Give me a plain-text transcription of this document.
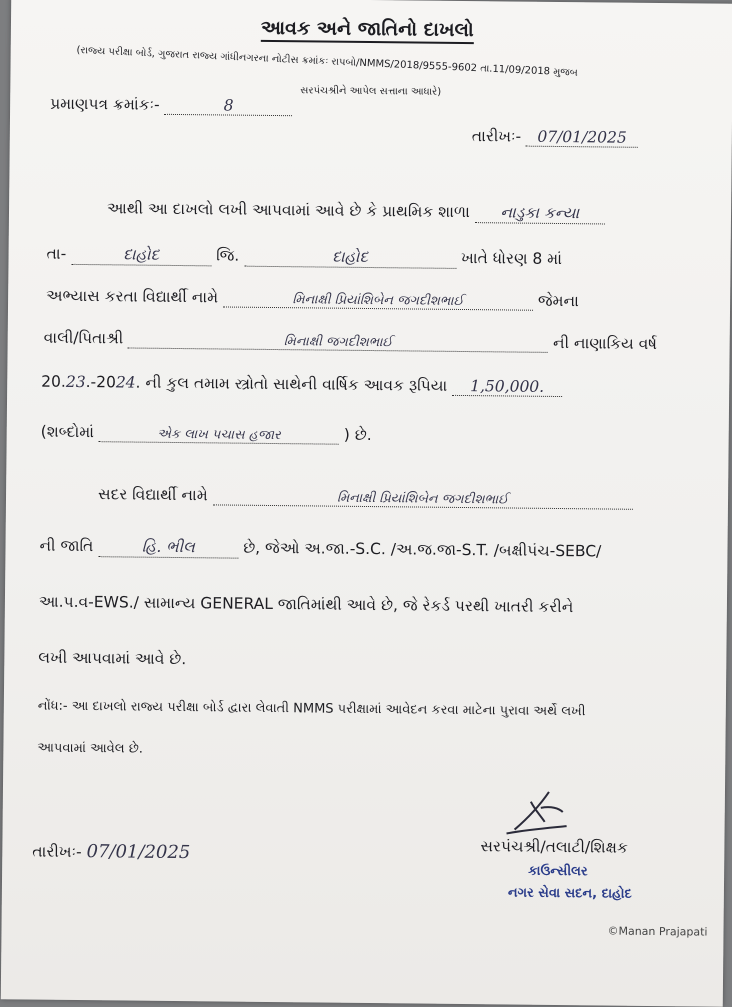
આવક અને જાતિનો દાખલો
(રાજ્ય પરીક્ષા બોર્ડ, ગુજરાત રાજ્ય ગાંધીનગરના નોટીસ ક્રમાંકઃ રાપબો/NMMS/2018/9555-9602 તા.11/09/2018 મુજબ
સરપંચશ્રીને આપેલ સત્તાના આધારે)
પ્રમાણપત્ર ક્રમાંકઃ-	8
તારીખઃ- 07/01/2025
આથી આ દાખલો લખી આપવામાં આવે છે કે પ્રાથમિક શાળા નાડુકા કન્યા
તા-	દાહોદ	જિ.	દાહોદ	ખાતે ધોરણ 8 માં
અભ્યાસ કરતા વિદ્યાર્થી નામે	મિનાક્ષી પ્રિયાંશિબેન જગદીશભાઈ	જેમના
વાલી/પિતાશ્રી	મિનાક્ષી જગદીશભાઈ	ની નાણાકિય વર્ષ
20.23.-2024. ની કુલ તમામ સ્ત્રોતો સાથેની વાર્ષિક આવક રૂપિયા 1,50,000.
(શબ્દોમાં	એક લાખ પચાસ હજાર	) છે.
સદર વિદ્યાર્થી નામે	મિનાક્ષી પ્રિયાંશિબેન જગદીશભાઈ
ની જાતિ	હિ. ભીલ	છે, જેઓ અ.જા.-S.C. /અ.જ.જા-S.T. /બક્ષીપંચ-SEBC/
આ.પ.વ-EWS./ સામાન્ય GENERAL જાતિમાંથી આવે છે, જે રેકર્ડ પરથી ખાતરી કરીને
લખી આપવામાં આવે છે.
નોંધ:- આ દાખલો રાજ્ય પરીક્ષા બોર્ડ દ્વારા લેવાતી NMMS પરીક્ષામાં આવેદન કરવા માટેના પુરાવા અર્થે લખી
આપવામાં આવેલ છે.
તારીખઃ- 07/01/2025	સરપંચશ્રી/તલાટી/શિક્ષક
કાઉન્સીલર
નગર સેવા સદન, દાહોદ
©Manan Prajapati
